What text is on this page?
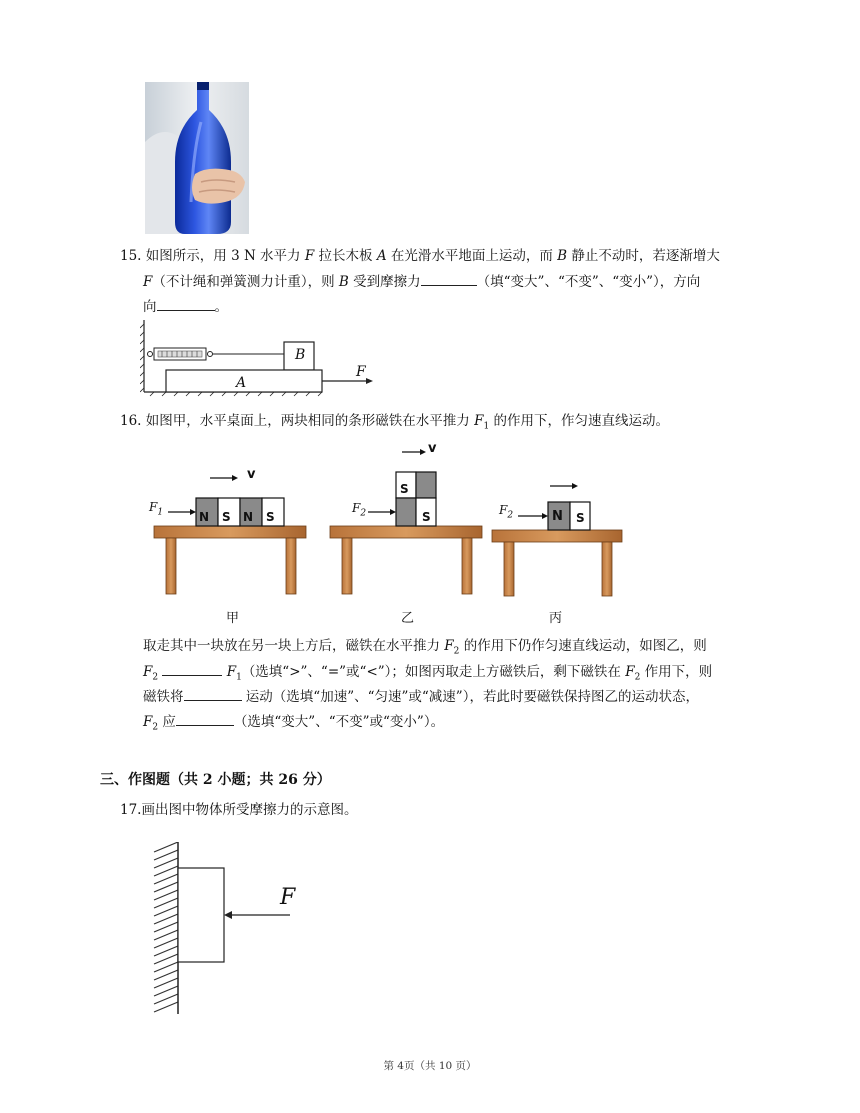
15. 如图所示，用 3 N 水平力 F 拉长木板 A 在光滑水平地面上运动，而 B 静止不动时，若逐渐增大
F（不计绳和弹簧测力计重），则 B 受到摩擦力	（填“变大”、“不变”、“变小”），方向
向	。
B
A
F
16. 如图甲，水平桌面上，两块相同的条形磁铁在水平推力 $F_1$ 的作用下，作匀速直线运动。
v
$F_1$	N S N S
v
S
$F_2$	S	$F_2$	N S
甲	乙	丙
取走其中一块放在另一块上方后，磁铁在水平推力 $F_2$ 的作用下仍作匀速直线运动，如图乙，则
$F_2$	$F_1$（选填“>”、“=”或“<”）；如图丙取走上方磁铁后，剩下磁铁在 $F_2$ 作用下，则
磁铁将	运动（选填“加速”、“匀速”或“减速”），若此时要磁铁保持图乙的运动状态，
$F_2$ 应	（选填“变大”、“不变”或“变小”）。
三、作图题（共 2 小题；共 26 分）
17.画出图中物体所受摩擦力的示意图。
F
第 4页（共 10 页）
